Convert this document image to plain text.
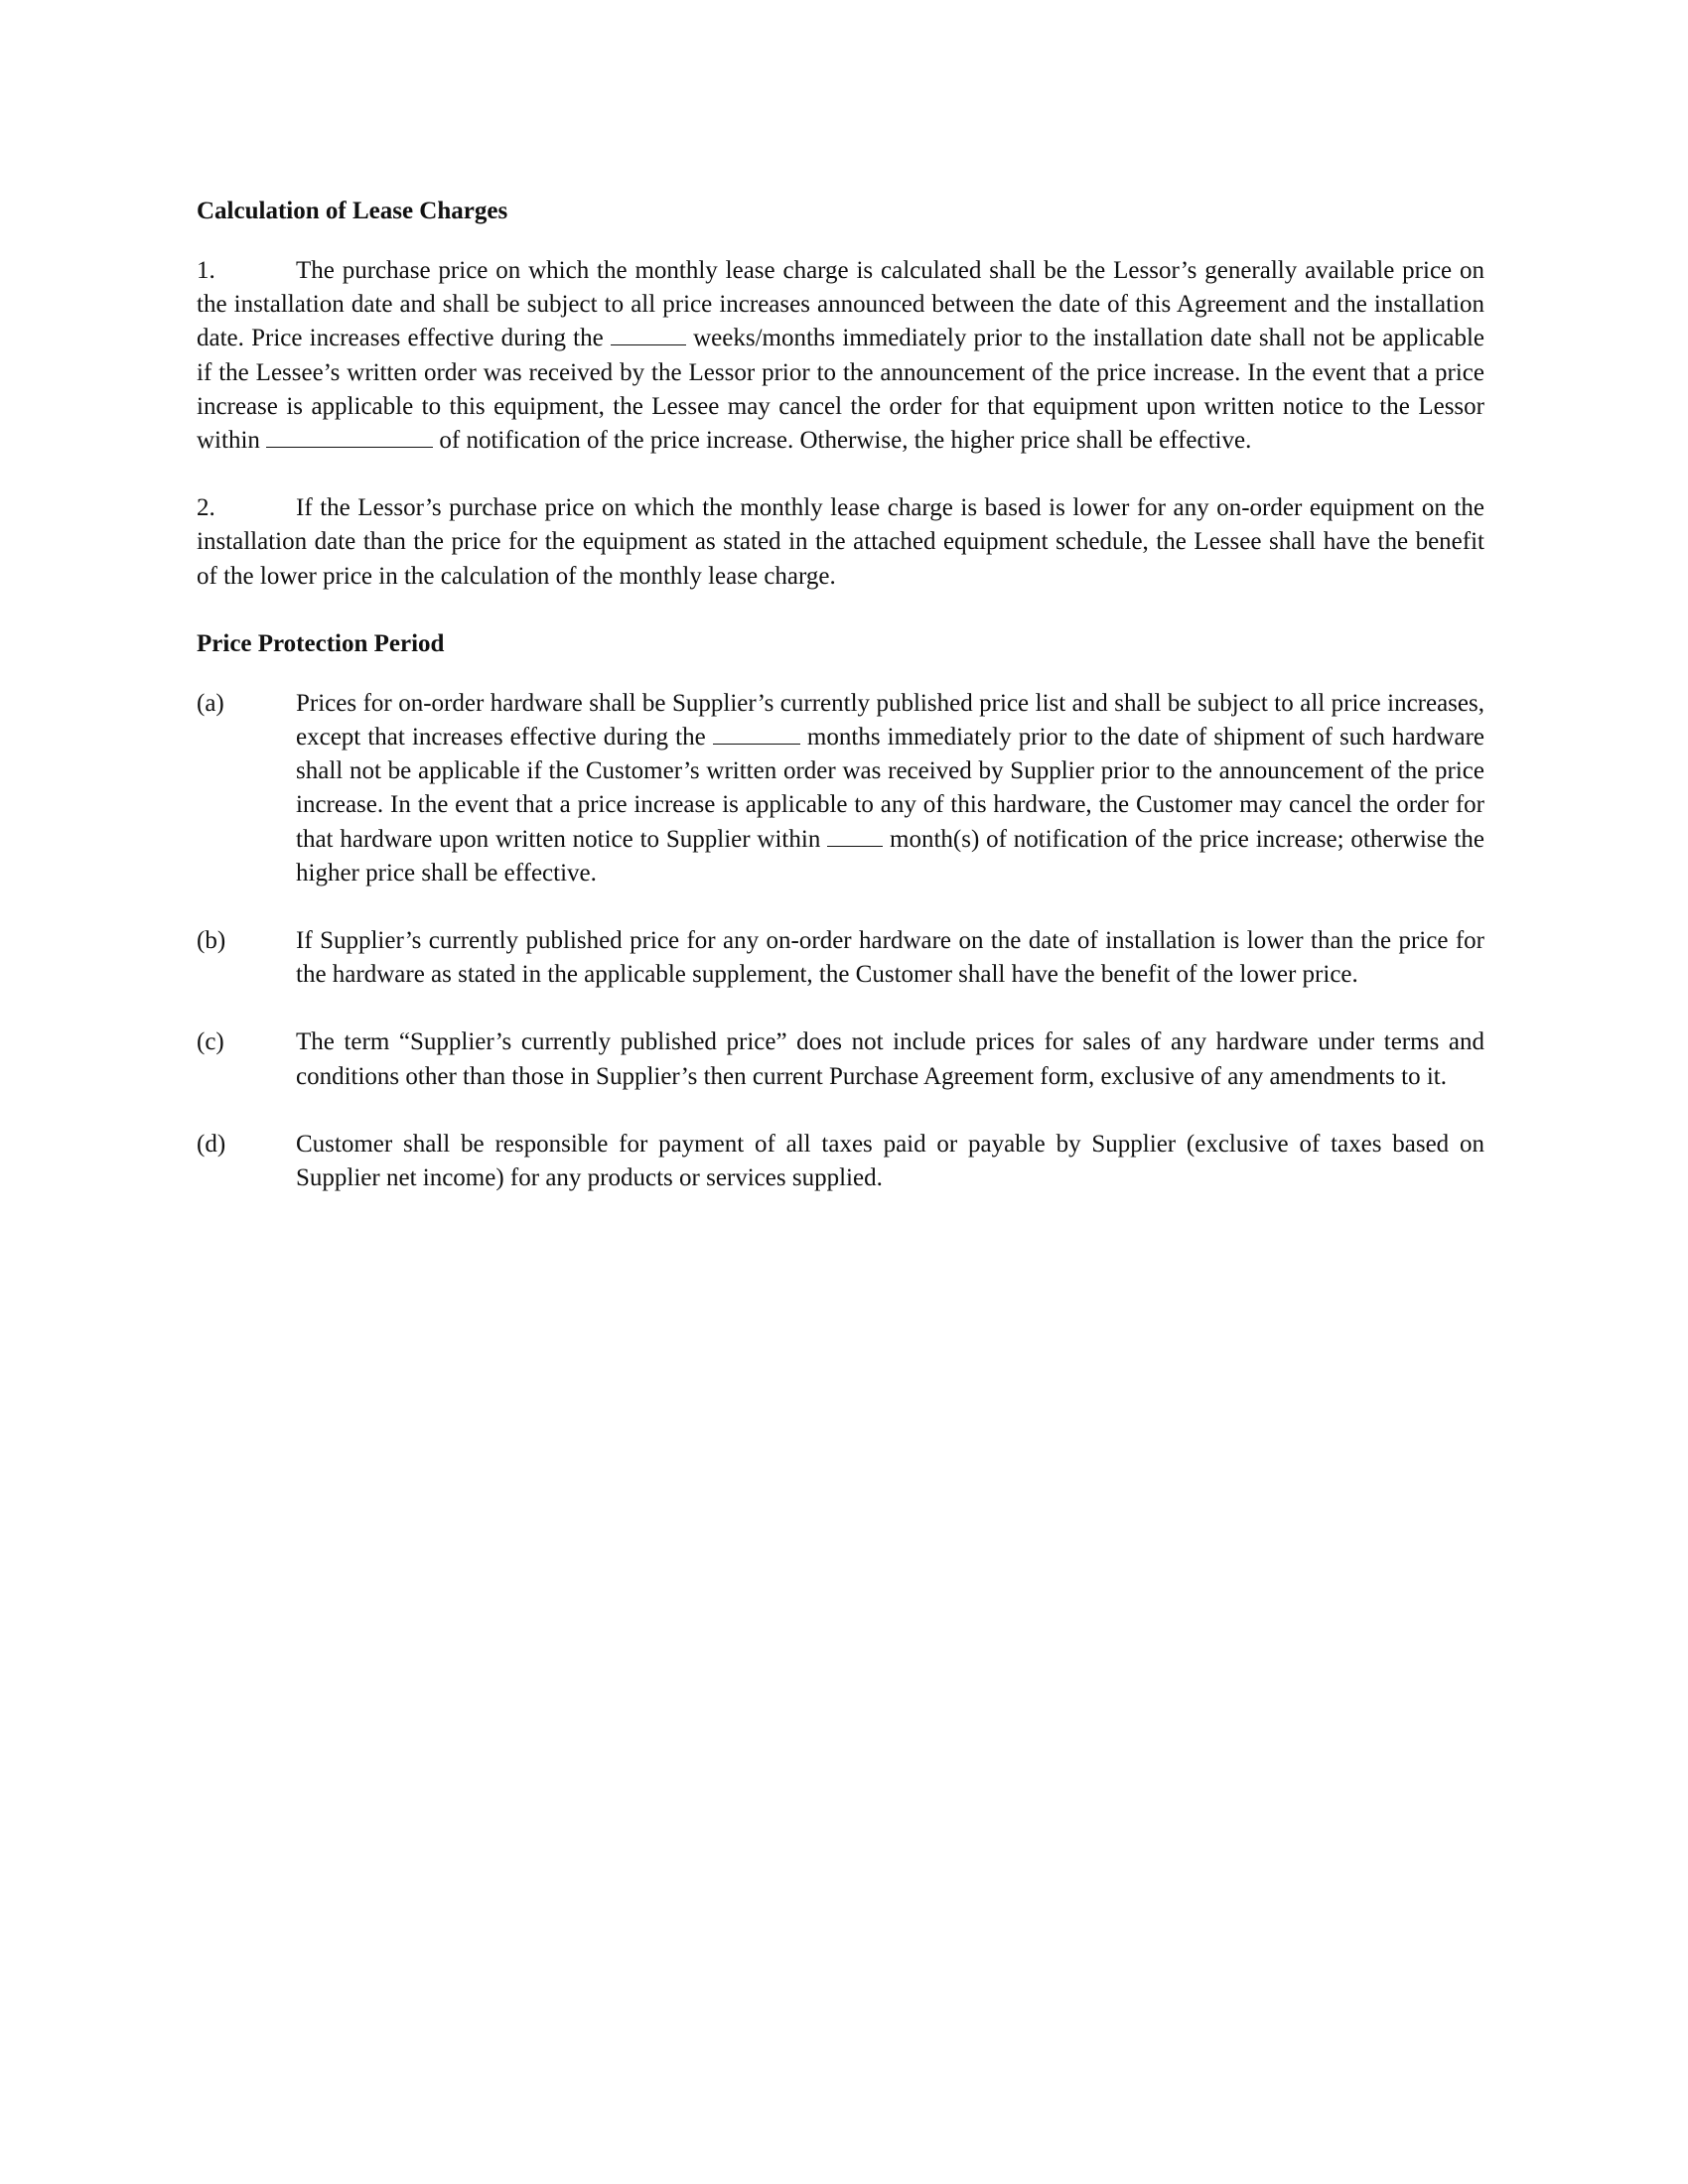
Calculation of Lease Charges
1.	The purchase price on which the monthly lease charge is calculated shall be the Lessor’s generally available price on the installation date and shall be subject to all price increases announced between the date of this Agreement and the installation date. Price increases effective during the	weeks/months immediately prior to the installation date shall not be applicable if the Lessee’s written order was received by the Lessor prior to the announcement of the price increase. In the event that a price increase is applicable to this equipment, the Lessee may cancel the order for that equipment upon written notice to the Lessor within	of notification of the price increase. Otherwise, the higher price shall be effective.
2.	If the Lessor’s purchase price on which the monthly lease charge is based is lower for any on-order equipment on the installation date than the price for the equipment as stated in the attached equipment schedule, the Lessee shall have the benefit of the lower price in the calculation of the monthly lease charge.
Price Protection Period
(a)	Prices for on-order hardware shall be Supplier’s currently published price list and shall be subject to all price increases, except that increases effective during the	months immediately prior to the date of shipment of such hardware shall not be applicable if the Customer’s written order was received by Supplier prior to the announcement of the price increase. In the event that a price increase is applicable to any of this hardware, the Customer may cancel the order for that hardware upon written notice to Supplier within  month(s) of notification of the price increase; otherwise the higher price shall be effective.
(b)	If Supplier’s currently published price for any on-order hardware on the date of installation is lower than the price for the hardware as stated in the applicable supplement, the Customer shall have the benefit of the lower price.
(c)	The term “Supplier’s currently published price” does not include prices for sales of any hardware under terms and conditions other than those in Supplier’s then current Purchase Agreement form, exclusive of any amendments to it.
(d)	Customer shall be responsible for payment of all taxes paid or payable by Supplier (exclusive of taxes based on Supplier net income) for any products or services supplied.
